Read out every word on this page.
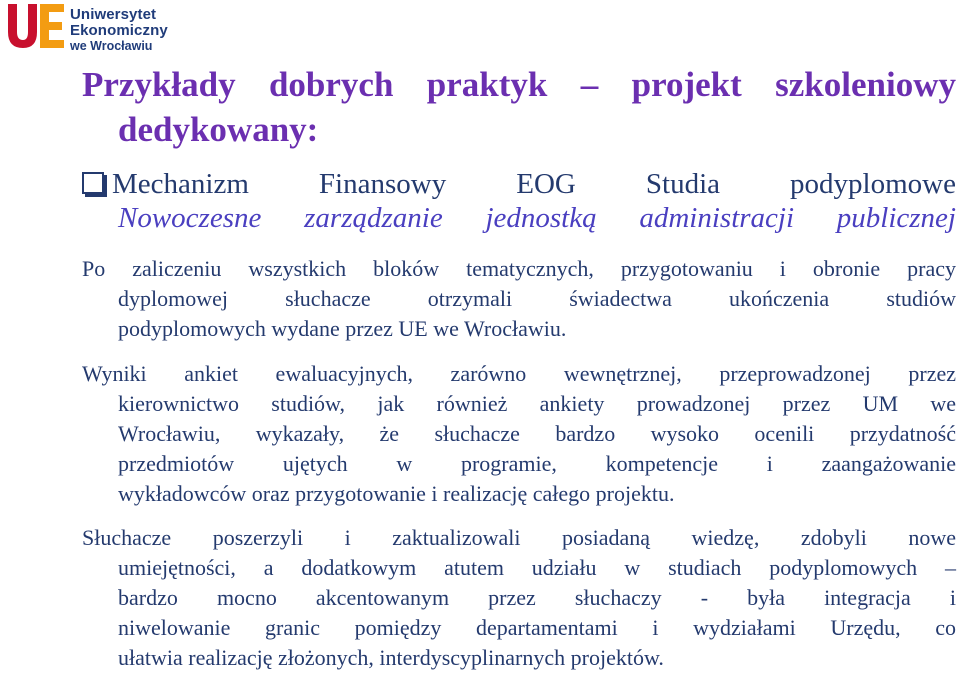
Uniwersytet Ekonomiczny
we Wrocławiu
Przykłady dobrych praktyk – projekt szkoleniowy
dedykowany:
Mechanizm Finansowy EOG Studia podyplomowe
Nowoczesne zarządzanie jednostką administracji publicznej
Po zaliczeniu wszystkich bloków tematycznych, przygotowaniu i obronie pracy
dyplomowej słuchacze otrzymali świadectwa ukończenia studiów
podyplomowych wydane przez UE we Wrocławiu.
Wyniki ankiet ewaluacyjnych, zarówno wewnętrznej, przeprowadzonej przez
kierownictwo studiów, jak również ankiety prowadzonej przez UM we
Wrocławiu, wykazały, że słuchacze bardzo wysoko ocenili przydatność
przedmiotów ujętych w programie, kompetencje i zaangażowanie
wykładowców oraz przygotowanie i realizację całego projektu.
Słuchacze poszerzyli i zaktualizowali posiadaną wiedzę, zdobyli nowe
umiejętności, a dodatkowym atutem udziału w studiach podyplomowych –
bardzo mocno akcentowanym przez słuchaczy - była integracja i
niwelowanie granic pomiędzy departamentami i wydziałami Urzędu, co
ułatwia realizację złożonych, interdyscyplinarnych projektów.
